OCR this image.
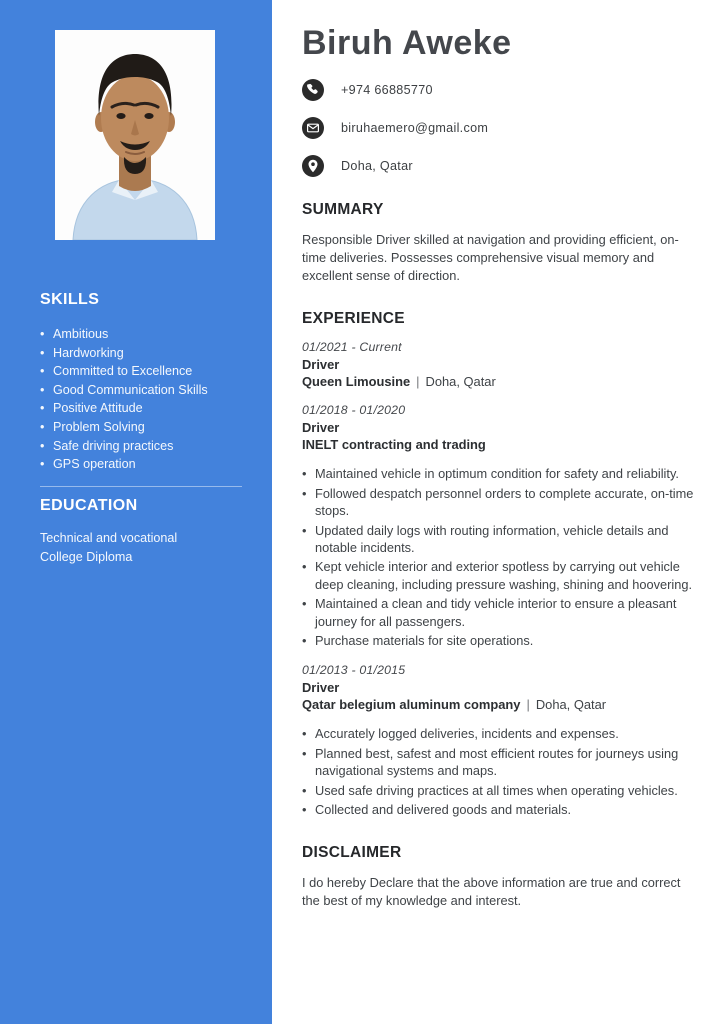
SKILLS
• Ambitious
• Hardworking
• Committed to Excellence
• Good Communication Skills
• Positive Attitude
• Problem Solving
• Safe driving practices
• GPS operation
EDUCATION
Technical and vocational
College Diploma
Biruh Aweke
+974 66885770
biruhaemero@gmail.com
Doha, Qatar
SUMMARY

Responsible Driver skilled at navigation and providing efficient, on-time deliveries. Possesses comprehensive visual memory and excellent sense of direction.

EXPERIENCE
01/2021 - Current
Driver
Queen Limousine | Doha, Qatar
01/2018 - 01/2020
Driver
INELT contracting and trading
• Maintained vehicle in optimum condition for safety and reliability.
• Followed despatch personnel orders to complete accurate, on-time stops.
• Updated daily logs with routing information, vehicle details and notable incidents.
• Kept vehicle interior and exterior spotless by carrying out vehicle deep cleaning, including pressure washing, shining and hoovering.
• Maintained a clean and tidy vehicle interior to ensure a pleasant journey for all passengers.
• Purchase materials for site operations.
01/2013 - 01/2015
Driver
Qatar belegium aluminum company | Doha, Qatar
• Accurately logged deliveries, incidents and expenses.
• Planned best, safest and most efficient routes for journeys using navigational systems and maps.
• Used safe driving practices at all times when operating vehicles.
• Collected and delivered goods and materials.
DISCLAIMER

I do hereby Declare that the above information are true and correct the best of my knowledge and interest.
